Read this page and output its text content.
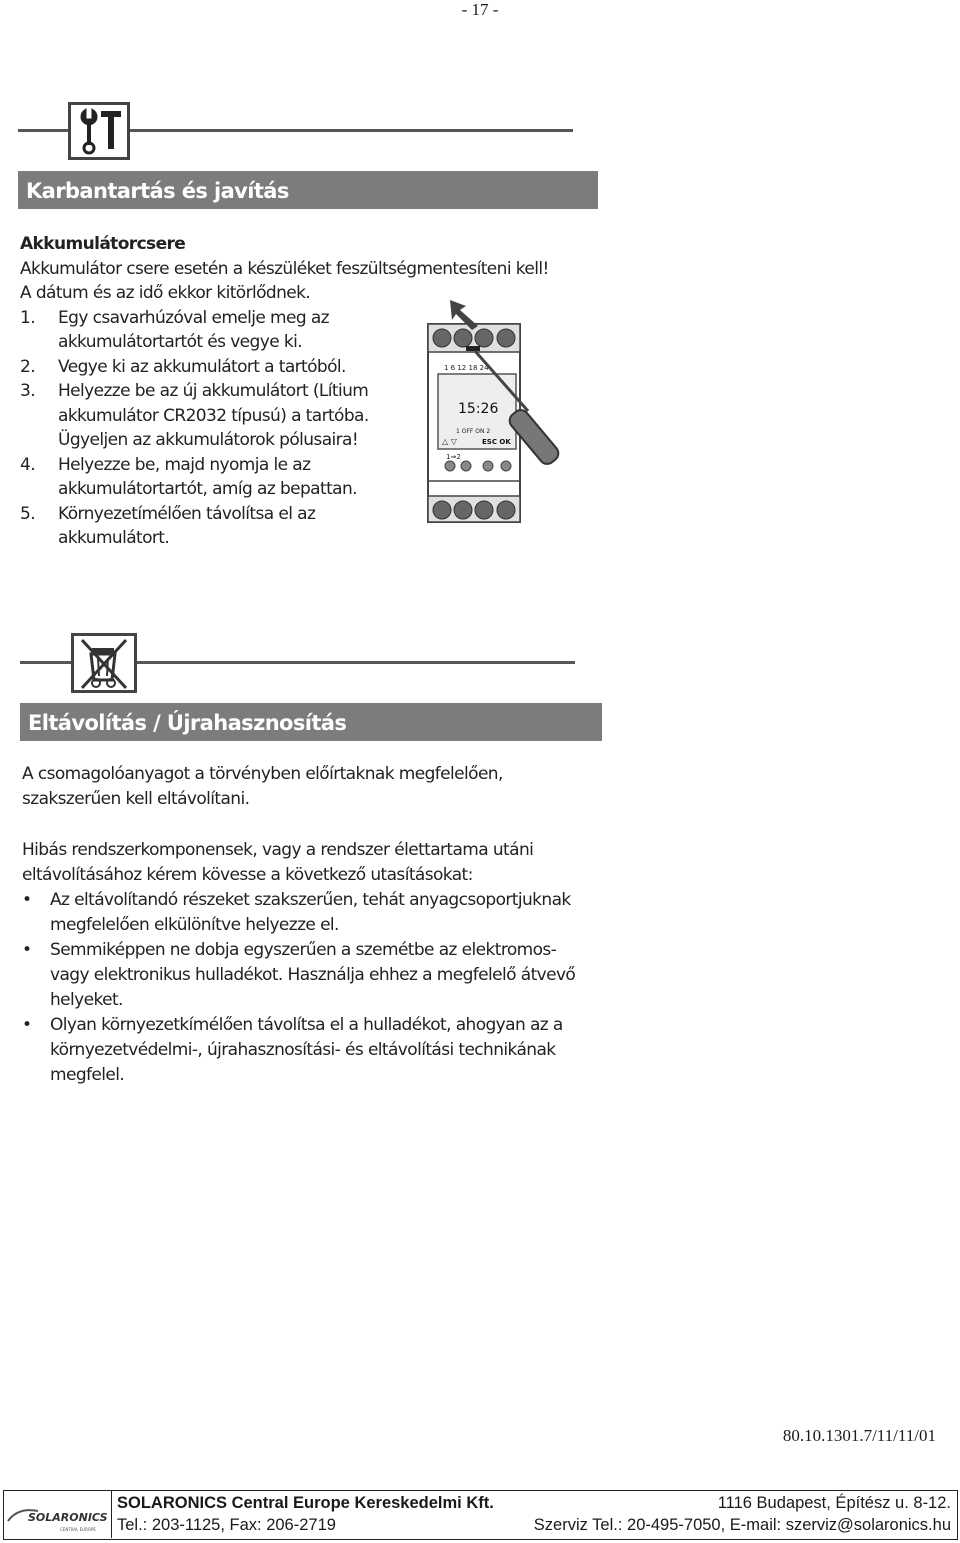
- 17 -
Karbantartás és javítás
Akkumulátorcsere
Akkumulátor csere esetén a készüléket feszültségmentesíteni kell!
A dátum és az idő ekkor kitörlődnek.
1. Egy csavarhúzóval emelje meg az
akkumulátortartót és vegye ki.
2. Vegye ki az akkumulátort a tartóból.
3. Helyezze be az új akkumulátort (Lítium
akkumulátor CR2032 típusú) a tartóba.
Ügyeljen az akkumulátorok pólusaira!
4. Helyezze be, majd nyomja le az
akkumulátortartót, amíg az bepattan.
5. Környezetímélően távolítsa el az
akkumulátort.
1 6 12 18 24
15:26
1 OFF ON 2
△ ▽	ESC OK
1⇒2
Eltávolítás / Újrahasznosítás
A csomagolóanyagot a törvényben előírtaknak megfelelően,
szakszerűen kell eltávolítani.
Hibás rendszerkomponensek, vagy a rendszer élettartama utáni
eltávolításához kérem kövesse a következő utasításokat:
• Az eltávolítandó részeket szakszerűen, tehát anyagcsoportjuknak
megfelelően elkülönítve helyezze el.
• Semmiképpen ne dobja egyszerűen a szemétbe az elektromos-
vagy elektronikus hulladékot. Használja ehhez a megfelelő átvevő
helyeket.
• Olyan környezetkímélően távolítsa el a hulladékot, ahogyan az a
környezetvédelmi-, újrahasznosítási- és eltávolítási technikának
megfelel.
80.10.1301.7/11/11/01
SOLARONICS
CENTRAL EUROPE
SOLARONICS Central Europe Kereskedelmi Kft.	1116 Budapest, Építész u. 8-12.
Tel.: 203-1125, Fax: 206-2719	Szerviz Tel.: 20-495-7050, E-mail: szerviz@solaronics.hu
